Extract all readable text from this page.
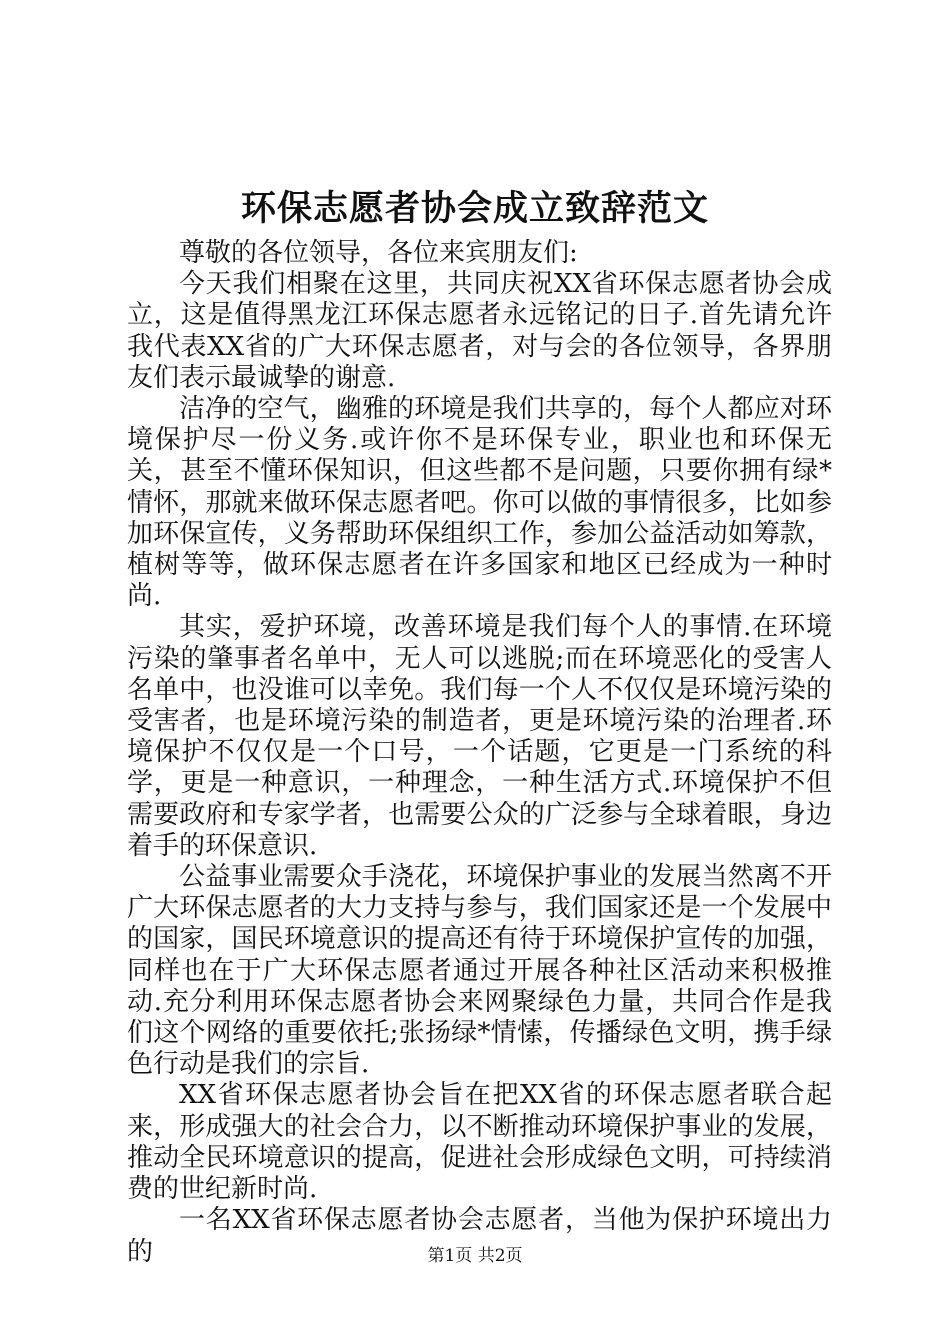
环保志愿者协会成立致辞范文

尊敬的各位领导，各位来宾朋友们:

今天我们相聚在这里，共同庆祝XX省环保志愿者协会成立，这是值得黑龙江环保志愿者永远铭记的日子.首先请允许我代表XX省的广大环保志愿者，对与会的各位领导，各界朋友们表示最诚挚的谢意.

洁净的空气，幽雅的环境是我们共享的，每个人都应对环境保护尽一份义务.或许你不是环保专业，职业也和环保无关，甚至不懂环保知识，但这些都不是问题，只要你拥有绿*情怀，那就来做环保志愿者吧。你可以做的事情很多，比如参加环保宣传，义务帮助环保组织工作，参加公益活动如筹款，植树等等，做环保志愿者在许多国家和地区已经成为一种时尚.

其实，爱护环境，改善环境是我们每个人的事情.在环境污染的肇事者名单中，无人可以逃脱;而在环境恶化的受害人名单中，也没谁可以幸免。我们每一个人不仅仅是环境污染的受害者，也是环境污染的制造者，更是环境污染的治理者.环境保护不仅仅是一个口号，一个话题，它更是一门系统的科学，更是一种意识，一种理念，一种生活方式.环境保护不但需要政府和专家学者，也需要公众的广泛参与全球着眼，身边着手的环保意识.

公益事业需要众手浇花，环境保护事业的发展当然离不开广大环保志愿者的大力支持与参与，我们国家还是一个发展中的国家，国民环境意识的提高还有待于环境保护宣传的加强，同样也在于广大环保志愿者通过开展各种社区活动来积极推动.充分利用环保志愿者协会来网聚绿色力量，共同合作是我们这个网络的重要依托;张扬绿*情愫，传播绿色文明，携手绿色行动是我们的宗旨.

XX省环保志愿者协会旨在把XX省的环保志愿者联合起来，形成强大的社会合力，以不断推动环境保护事业的发展，推动全民环境意识的提高，促进社会形成绿色文明，可持续消费的世纪新时尚.

一名XX省环保志愿者协会志愿者，当他为保护环境出力的	第1页 共2页
